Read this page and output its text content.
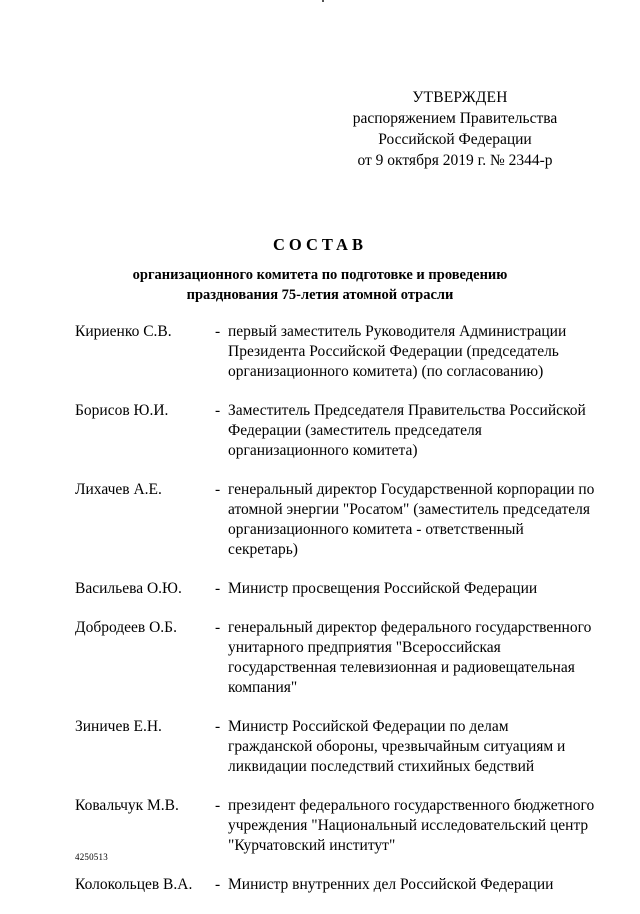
УТВЕРЖДЕН
распоряжением Правительства
Российской Федерации
от 9 октября 2019 г. № 2344-р
СОСТАВ
организационного комитета по подготовке и проведению
празднования 75-летия атомной отрасли
Кириенко С.В.	- первый заместитель Руководителя Администрации Президента Российской Федерации (председатель организационного комитета) (по согласованию)
Борисов Ю.И.	- Заместитель Председателя Правительства Российской Федерации (заместитель председателя организационного комитета)
Лихачев А.Е.	- генеральный директор Государственной корпорации по атомной энергии "Росатом" (заместитель председателя организационного комитета - ответственный секретарь)
Васильева О.Ю.	- Министр просвещения Российской Федерации
Добродеев О.Б.	- генеральный директор федерального государственного унитарного предприятия "Всероссийская государственная телевизионная и радиовещательная компания"
Зиничев Е.Н.	- Министр Российской Федерации по делам гражданской обороны, чрезвычайным ситуациям и ликвидации последствий стихийных бедствий
Ковальчук М.В.	- президент федерального государственного бюджетного учреждения "Национальный исследовательский центр "Курчатовский институт"
Колокольцев В.А.	- Министр внутренних дел Российской Федерации
4250513
